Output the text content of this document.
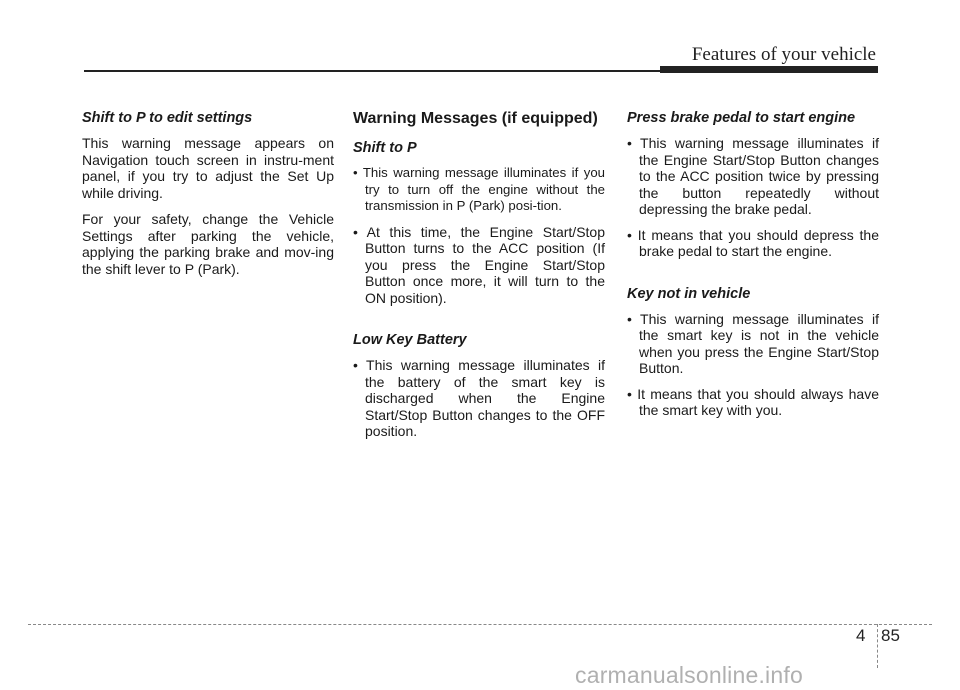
Features of your vehicle
Shift to P to edit settings

This warning message appears on Navigation touch screen in instru-ment panel, if you try to adjust the Set Up while driving.

For your safety, change the Vehicle Settings after parking the vehicle, applying the parking brake and mov-ing the shift lever to P (Park).

Warning Messages (if equipped)
Shift to P
• This warning message illuminates if you try to turn off the engine without the transmission in P (Park) posi-tion.
• At this time, the Engine Start/Stop Button turns to the ACC position (If you press the Engine Start/Stop Button once more, it will turn to the ON position).
Low Key Battery
• This warning message illuminates if the battery of the smart key is discharged when the Engine Start/Stop Button changes to the OFF position.
Press brake pedal to start engine
• This warning message illuminates if the Engine Start/Stop Button changes to the ACC position twice by pressing the button repeatedly without depressing the brake pedal.
• It means that you should depress the brake pedal to start the engine.
Key not in vehicle
• This warning message illuminates if the smart key is not in the vehicle when you press the Engine Start/Stop Button.
• It means that you should always have the smart key with you.
4 85
carmanualsonline.info
